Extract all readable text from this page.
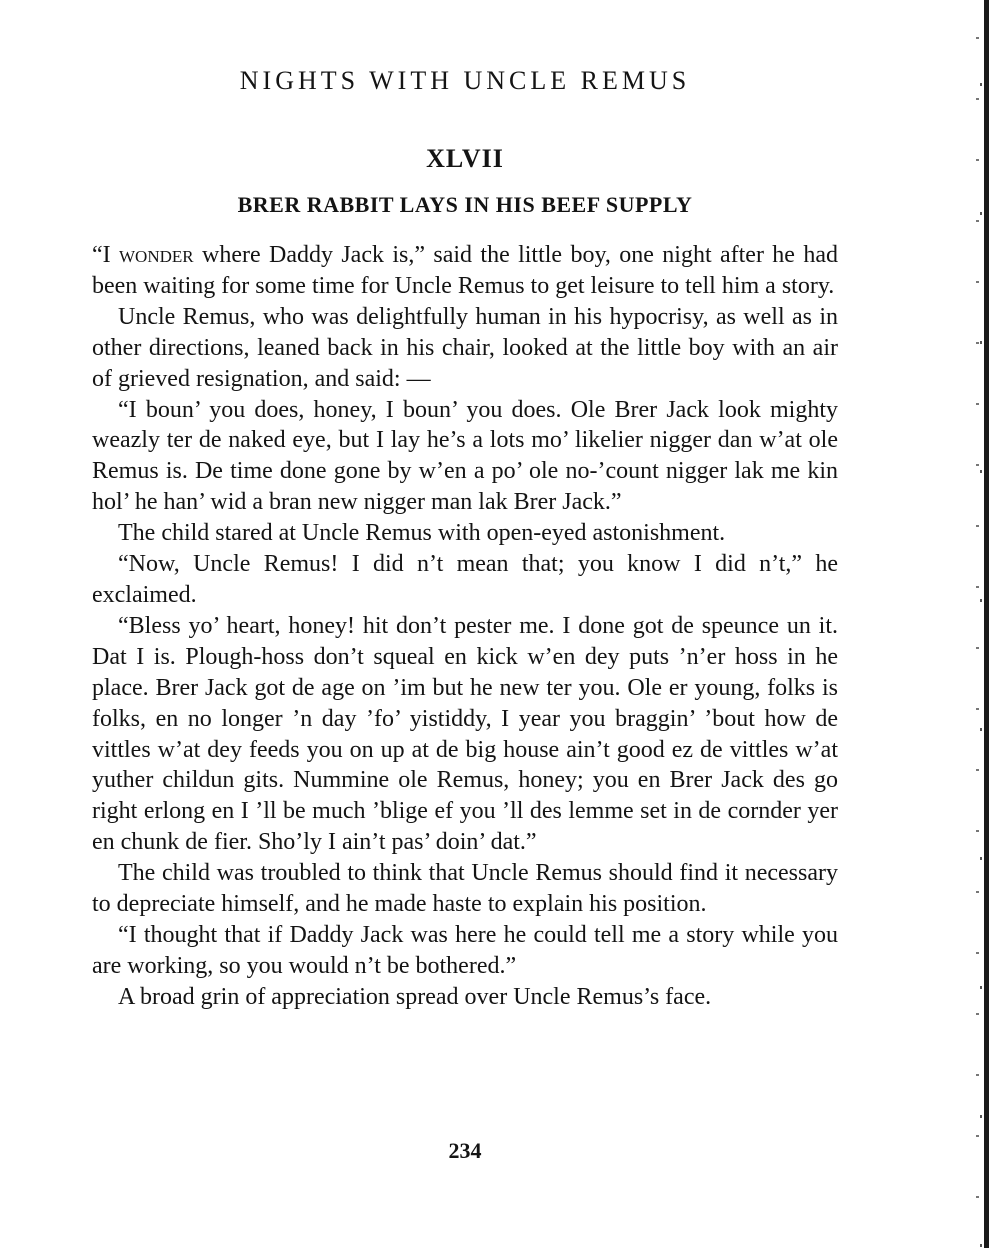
NIGHTS WITH UNCLE REMUS
XLVII
BRER RABBIT LAYS IN HIS BEEF SUPPLY

“I wonder where Daddy Jack is,” said the little boy, one night after he had been waiting for some time for Uncle Remus to get leisure to tell him a story.

Uncle Remus, who was delightfully human in his hypocrisy, as well as in other directions, leaned back in his chair, looked at the little boy with an air of grieved resignation, and said: —

“I boun’ you does, honey, I boun’ you does. Ole Brer Jack look mighty weazly ter de naked eye, but I lay he’s a lots mo’ likelier nigger dan w’at ole Remus is. De time done gone by w’en a po’ ole no-’count nigger lak me kin hol’ he han’ wid a bran new nigger man lak Brer Jack.”

The child stared at Uncle Remus with open-eyed astonishment.

“Now, Uncle Remus! I did n’t mean that; you know I did n’t,” he exclaimed.

“Bless yo’ heart, honey! hit don’t pester me. I done got de speunce un it. Dat I is. Plough-hoss don’t squeal en kick w’en dey puts ’n’er hoss in he place. Brer Jack got de age on ’im but he new ter you. Ole er young, folks is folks, en no longer ’n day ’fo’ yistiddy, I year you braggin’ ’bout how de vittles w’at dey feeds you on up at de big house ain’t good ez de vittles w’at yuther childun gits. Nummine ole Remus, honey; you en Brer Jack des go right erlong en I ’ll be much ’blige ef you ’ll des lemme set in de cornder yer en chunk de fier. Sho’ly I ain’t pas’ doin’ dat.”

The child was troubled to think that Uncle Remus should find it necessary to depreciate himself, and he made haste to explain his position.

“I thought that if Daddy Jack was here he could tell me a story while you are working, so you would n’t be bothered.”

A broad grin of appreciation spread over Uncle Remus’s face.

234
